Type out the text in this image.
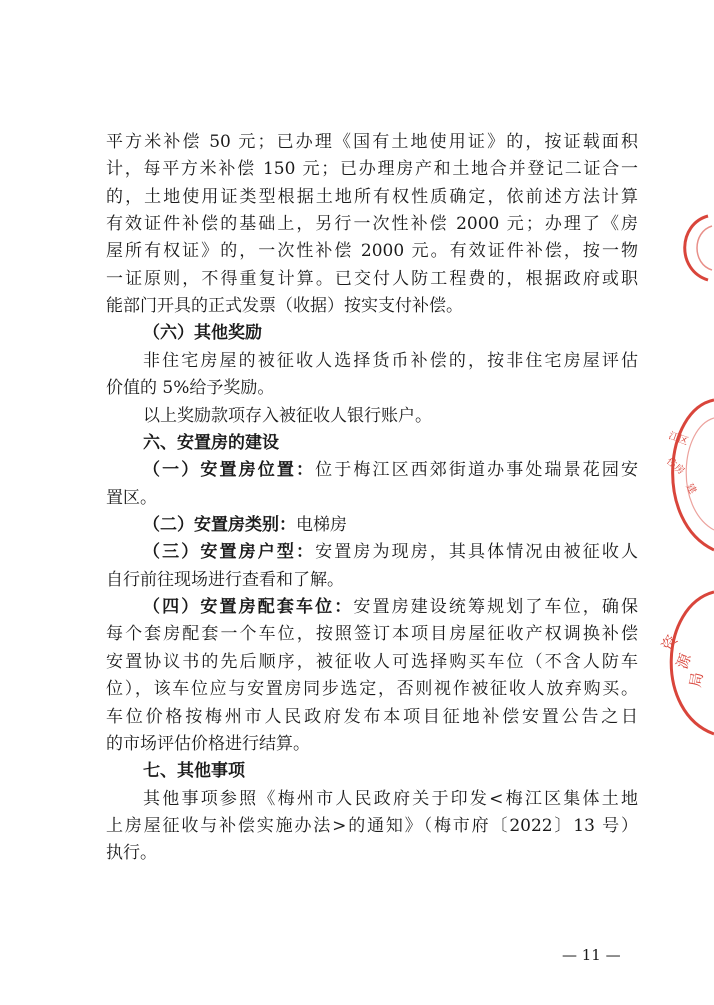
平方米补偿 50 元；已办理《国有土地使用证》的，按证载面积
计，每平方米补偿 150 元；已办理房产和土地合并登记二证合一
的，土地使用证类型根据土地所有权性质确定，依前述方法计算
有效证件补偿的基础上，另行一次性补偿 2000 元；办理了《房
屋所有权证》的，一次性补偿 2000 元。有效证件补偿，按一物
一证原则，不得重复计算。已交付人防工程费的，根据政府或职
能部门开具的正式发票（收据）按实支付补偿。
（六）其他奖励
非住宅房屋的被征收人选择货币补偿的，按非住宅房屋评估
价值的 5%给予奖励。
以上奖励款项存入被征收人银行账户。
六、安置房的建设
（一）安置房位置：位于梅江区西郊街道办事处瑞景花园安
置区。
（二）安置房类别：电梯房
（三）安置房户型：安置房为现房，其具体情况由被征收人
自行前往现场进行查看和了解。
（四）安置房配套车位：安置房建设统筹规划了车位，确保
每个套房配套一个车位，按照签订本项目房屋征收产权调换补偿
安置协议书的先后顺序，被征收人可选择购买车位（不含人防车
位），该车位应与安置房同步选定，否则视作被征收人放弃购买。
车位价格按梅州市人民政府发布本项目征地补偿安置公告之日
的市场评估价格进行结算。
七、其他事项
其他事项参照《梅州市人民政府关于印发<梅江区集体土地
上房屋征收与补偿实施办法>的通知》（梅市府〔2022〕13 号）
执行。
— 11 —
江区
住房
建
资
源
局
